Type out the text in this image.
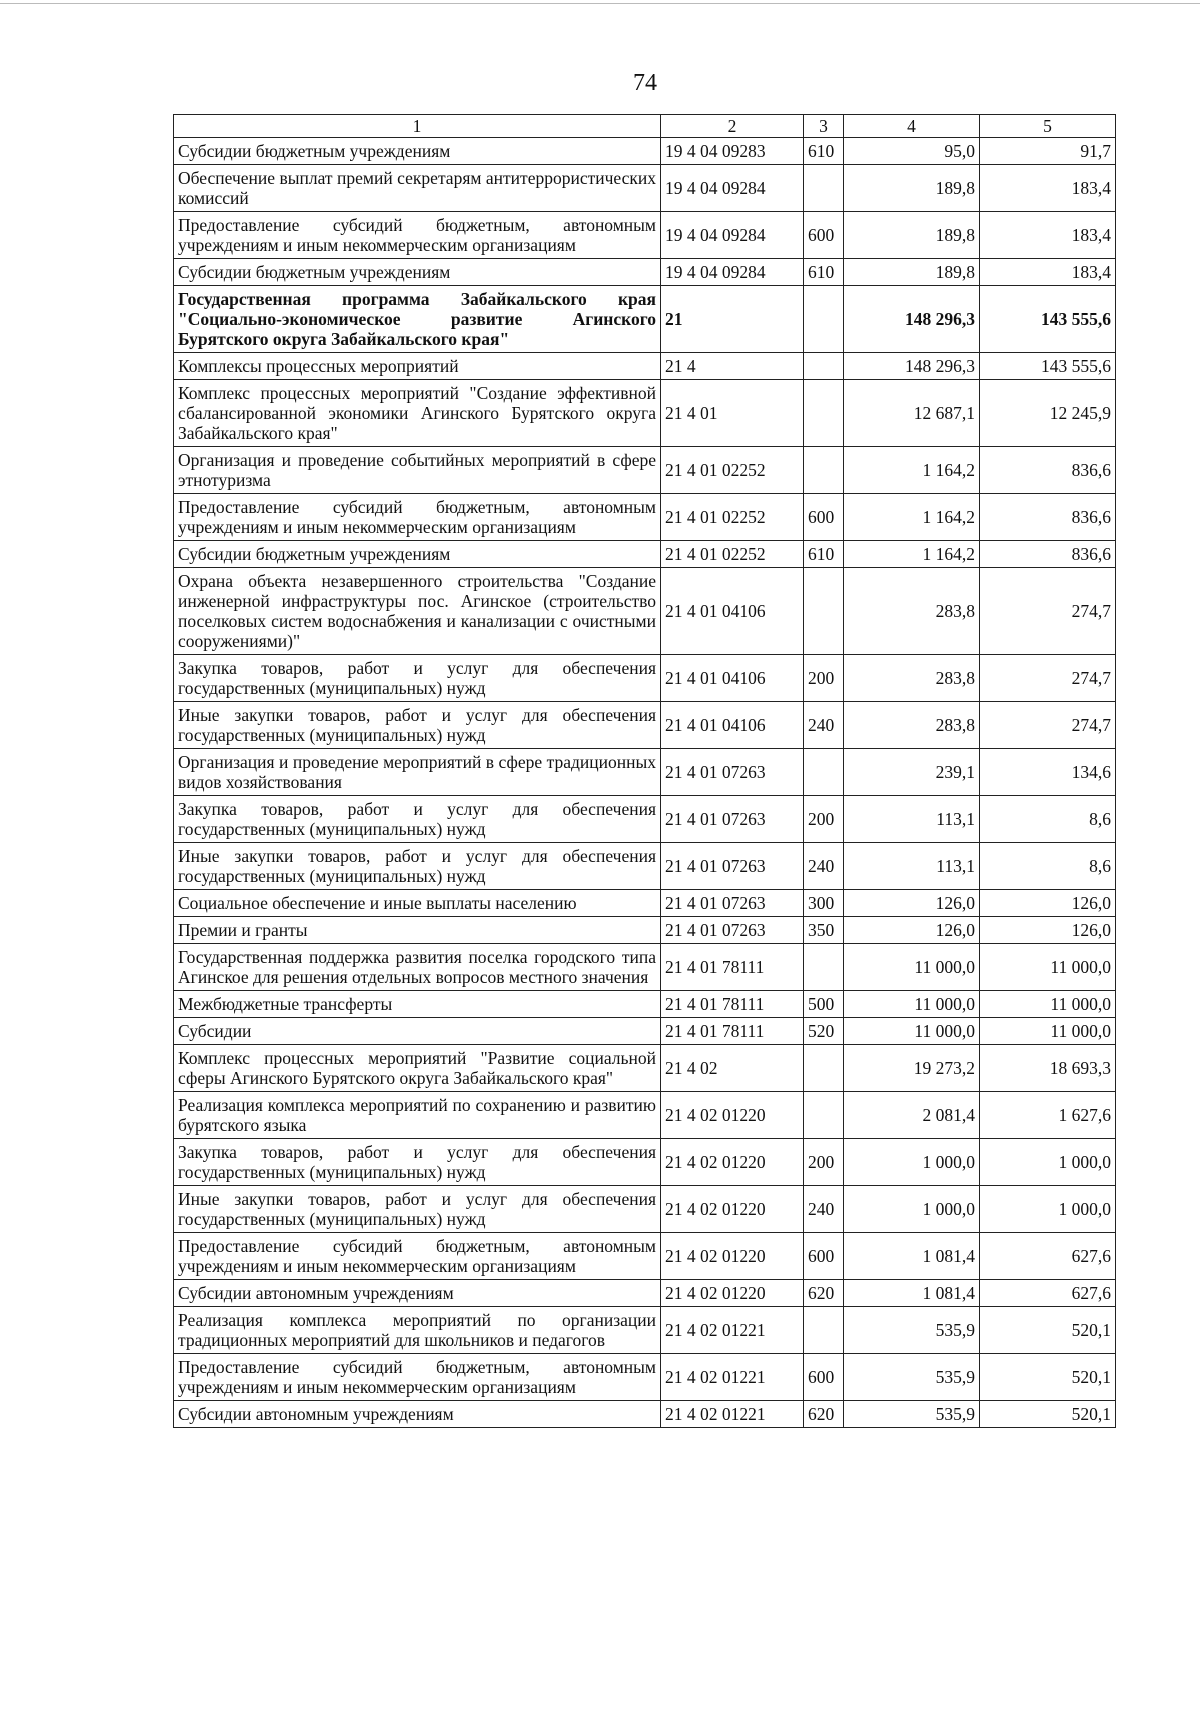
74
1	2	3	4	5
Субсидии бюджетным учреждениям	19 4 04 09283	610	95,0	91,7
Обеспечение выплат премий секретарям антитеррористических комиссий	19 4 04 09284		189,8	183,4
Предоставление субсидий бюджетным, автономным учреждениям и иным некоммерческим организациям	19 4 04 09284	600	189,8	183,4
Субсидии бюджетным учреждениям	19 4 04 09284	610	189,8	183,4
Государственная программа Забайкальского края "Социально-экономическое развитие Агинского Бурятского округа Забайкальского края"	21		148 296,3	143 555,6
Комплексы процессных мероприятий	21 4		148 296,3	143 555,6
Комплекс процессных мероприятий "Создание эффективной сбалансированной экономики Агинского Бурятского округа Забайкальского края"	21 4 01		12 687,1	12 245,9
Организация и проведение событийных мероприятий в сфере этнотуризма	21 4 01 02252		1 164,2	836,6
Предоставление субсидий бюджетным, автономным учреждениям и иным некоммерческим организациям	21 4 01 02252	600	1 164,2	836,6
Субсидии бюджетным учреждениям	21 4 01 02252	610	1 164,2	836,6
Охрана объекта незавершенного строительства "Создание инженерной инфраструктуры пос. Агинское (строительство поселковых систем водоснабжения и канализации с очистными сооружениями)"	21 4 01 04106		283,8	274,7
Закупка товаров, работ и услуг для обеспечения государственных (муниципальных) нужд	21 4 01 04106	200	283,8	274,7
Иные закупки товаров, работ и услуг для обеспечения государственных (муниципальных) нужд	21 4 01 04106	240	283,8	274,7
Организация и проведение мероприятий в сфере традиционных видов хозяйствования	21 4 01 07263		239,1	134,6
Закупка товаров, работ и услуг для обеспечения государственных (муниципальных) нужд	21 4 01 07263	200	113,1	8,6
Иные закупки товаров, работ и услуг для обеспечения государственных (муниципальных) нужд	21 4 01 07263	240	113,1	8,6
Социальное обеспечение и иные выплаты населению	21 4 01 07263	300	126,0	126,0
Премии и гранты	21 4 01 07263	350	126,0	126,0
Государственная поддержка развития поселка городского типа Агинское для решения отдельных вопросов местного значения	21 4 01 78111		11 000,0	11 000,0
Межбюджетные трансферты	21 4 01 78111	500	11 000,0	11 000,0
Субсидии	21 4 01 78111	520	11 000,0	11 000,0
Комплекс процессных мероприятий "Развитие социальной сферы Агинского Бурятского округа Забайкальского края"	21 4 02		19 273,2	18 693,3
Реализация комплекса мероприятий по сохранению и развитию бурятского языка	21 4 02 01220		2 081,4	1 627,6
Закупка товаров, работ и услуг для обеспечения государственных (муниципальных) нужд	21 4 02 01220	200	1 000,0	1 000,0
Иные закупки товаров, работ и услуг для обеспечения государственных (муниципальных) нужд	21 4 02 01220	240	1 000,0	1 000,0
Предоставление субсидий бюджетным, автономным учреждениям и иным некоммерческим организациям	21 4 02 01220	600	1 081,4	627,6
Субсидии автономным учреждениям	21 4 02 01220	620	1 081,4	627,6
Реализация комплекса мероприятий по организации традиционных мероприятий для школьников и педагогов	21 4 02 01221		535,9	520,1
Предоставление субсидий бюджетным, автономным учреждениям и иным некоммерческим организациям	21 4 02 01221	600	535,9	520,1
Субсидии автономным учреждениям	21 4 02 01221	620	535,9	520,1
